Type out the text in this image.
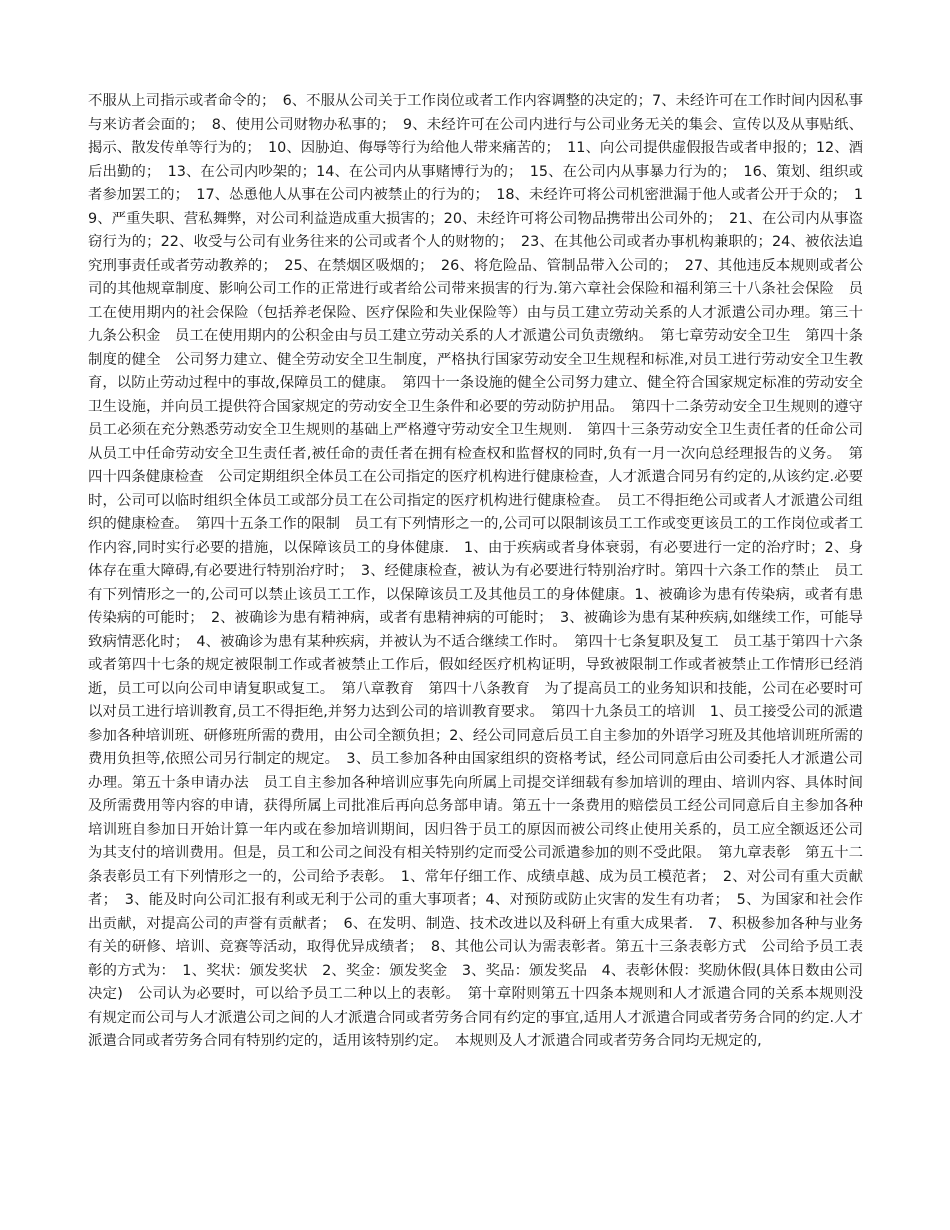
不服从上司指示或者命令的；　6、不服从公司关于工作岗位或者工作内容调整的决定的；7、未经许可在工作时间内因私事与来访者会面的；　8、使用公司财物办私事的；　9、未经许可在公司内进行与公司业务无关的集会、宣传以及从事贴纸、揭示、散发传单等行为的；　10、因胁迫、侮辱等行为给他人带来痛苦的；　11、向公司提供虚假报告或者申报的；12、酒后出勤的；　13、在公司内吵架的；14、在公司内从事赌博行为的；　15、在公司内从事暴力行为的；　16、策划、组织或者参加罢工的；　17、怂恿他人从事在公司内被禁止的行为的；　18、未经许可将公司机密泄漏于他人或者公开于众的；　19、严重失职、营私舞弊，对公司利益造成重大损害的；20、未经许可将公司物品携带出公司外的；　21、在公司内从事盗窃行为的；22、收受与公司有业务往来的公司或者个人的财物的；　23、在其他公司或者办事机构兼职的；24、被依法追究刑事责任或者劳动教养的；　25、在禁烟区吸烟的；　26、将危险品、管制品带入公司的；　27、其他违反本规则或者公司的其他规章制度、影响公司工作的正常进行或者给公司带来损害的行为.第六章社会保险和福利第三十八条社会保险　员工在使用期内的社会保险（包括养老保险、医疗保险和失业保险等）由与员工建立劳动关系的人才派遣公司办理。第三十九条公积金　员工在使用期内的公积金由与员工建立劳动关系的人才派遣公司负责缴纳。　第七章劳动安全卫生　第四十条制度的健全　公司努力建立、健全劳动安全卫生制度，严格执行国家劳动安全卫生规程和标准,对员工进行劳动安全卫生教育，以防止劳动过程中的事故,保障员工的健康。　第四十一条设施的健全公司努力建立、健全符合国家规定标准的劳动安全卫生设施，并向员工提供符合国家规定的劳动安全卫生条件和必要的劳动防护用品。　第四十二条劳动安全卫生规则的遵守　员工必须在充分熟悉劳动安全卫生规则的基础上严格遵守劳动安全卫生规则.　第四十三条劳动安全卫生责任者的任命公司从员工中任命劳动安全卫生责任者,被任命的责任者在拥有检查权和监督权的同时,负有一月一次向总经理报告的义务。　第四十四条健康检查　公司定期组织全体员工在公司指定的医疗机构进行健康检查，人才派遣合同另有约定的,从该约定.必要时，公司可以临时组织全体员工或部分员工在公司指定的医疗机构进行健康检查。　员工不得拒绝公司或者人才派遣公司组织的健康检查。　第四十五条工作的限制　员工有下列情形之一的,公司可以限制该员工工作或变更该员工的工作岗位或者工作内容,同时实行必要的措施，以保障该员工的身体健康.　1、由于疾病或者身体衰弱，有必要进行一定的治疗时；2、身体存在重大障碍,有必要进行特别治疗时；　3、经健康检查，被认为有必要进行特别治疗时。第四十六条工作的禁止　员工有下列情形之一的,公司可以禁止该员工工作，以保障该员工及其他员工的身体健康。1、被确诊为患有传染病，或者有患传染病的可能时；　2、被确诊为患有精神病，或者有患精神病的可能时；　3、被确诊为患有某种疾病,如继续工作，可能导致病情恶化时；　4、被确诊为患有某种疾病，并被认为不适合继续工作时。　第四十七条复职及复工　员工基于第四十六条或者第四十七条的规定被限制工作或者被禁止工作后，假如经医疗机构证明，导致被限制工作或者被禁止工作情形已经消逝，员工可以向公司申请复职或复工。　第八章教育　第四十八条教育　为了提高员工的业务知识和技能，公司在必要时可以对员工进行培训教育,员工不得拒绝,并努力达到公司的培训教育要求。　第四十九条员工的培训　1、员工接受公司的派遣参加各种培训班、研修班所需的费用，由公司全额负担；2、经公司同意后员工自主参加的外语学习班及其他培训班所需的费用负担等,依照公司另行制定的规定。　3、员工参加各种由国家组织的资格考试，经公司同意后由公司委托人才派遣公司办理。第五十条申请办法　员工自主参加各种培训应事先向所属上司提交详细载有参加培训的理由、培训内容、具体时间及所需费用等内容的申请，获得所属上司批准后再向总务部申请。第五十一条费用的赔偿员工经公司同意后自主参加各种培训班自参加日开始计算一年内或在参加培训期间，因归咎于员工的原因而被公司终止使用关系的，员工应全额返还公司为其支付的培训费用。但是，员工和公司之间没有相关特别约定而受公司派遣参加的则不受此限。　第九章表彰　第五十二条表彰员工有下列情形之一的，公司给予表彰。　1、常年仔细工作、成绩卓越、成为员工模范者；　2、对公司有重大贡献者；　3、能及时向公司汇报有利或无利于公司的重大事项者；4、对预防或防止灾害的发生有功者；　5、为国家和社会作出贡献，对提高公司的声誉有贡献者；　6、在发明、制造、技术改进以及科研上有重大成果者.　7、积极参加各种与业务有关的研修、培训、竞赛等活动，取得优异成绩者；　8、其他公司认为需表彰者。第五十三条表彰方式　公司给予员工表彰的方式为：　1、奖状：颁发奖状　2、奖金：颁发奖金　3、奖品：颁发奖品　4、表彰休假：奖励休假(具体日数由公司决定)　公司认为必要时，可以给予员工二种以上的表彰。　第十章附则第五十四条本规则和人才派遣合同的关系本规则没有规定而公司与人才派遣公司之间的人才派遣合同或者劳务合同有约定的事宜,适用人才派遣合同或者劳务合同的约定.人才派遣合同或者劳务合同有特别约定的，适用该特别约定。　本规则及人才派遣合同或者劳务合同均无规定的,
